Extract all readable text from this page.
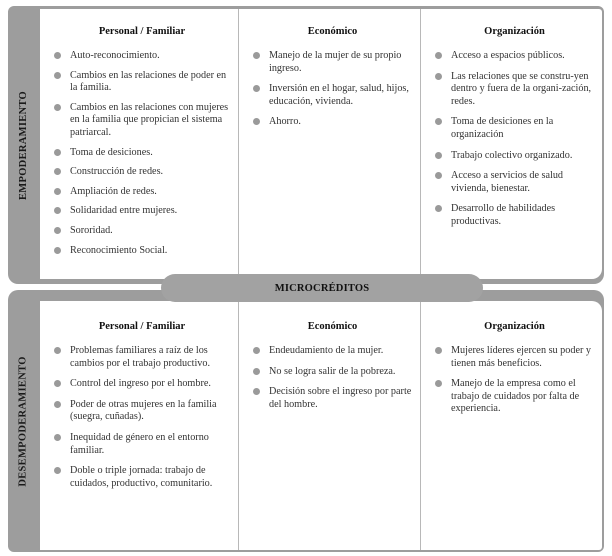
EMPODERAMIENTO
Personal / Familiar
Auto-reconocimiento.
Cambios en las relaciones de poder en la familia.
Cambios en las relaciones con mujeres en la familia que propician el sistema patriarcal.
Toma de desiciones.
Construcción de redes.
Ampliación de redes.
Solidaridad entre mujeres.
Sororidad.
Reconocimiento Social.
Económico
Manejo de la mujer de su propio ingreso.
Inversión en el hogar, salud, hijos, educación, vivienda.
Ahorro.
Organización
Acceso a espacios públicos.
Las relaciones que se constru-yen dentro y fuera de la organi-zación, redes.
Toma de desiciones en la organización
Trabajo colectivo organizado.
Acceso a servicios de salud vivienda, bienestar.
Desarrollo de habilidades productivas.
MICROCRÉDITOS
DESEMPODERAMIENTO
Personal / Familiar
Problemas familiares a raíz de los cambios por el trabajo productivo.
Control del ingreso por el hombre.
Poder de otras mujeres en la familia (suegra, cuñadas).
Inequidad de género en el entorno familiar.
Doble o triple jornada: trabajo de cuidados, productivo, comunitario.
Económico
Endeudamiento de la mujer.
No se logra salir de la pobreza.
Decisión sobre el ingreso por parte del hombre.
Organización
Mujeres líderes ejercen su poder y tienen más beneficios.
Manejo de la empresa como el trabajo de cuidados por falta de experiencia.
